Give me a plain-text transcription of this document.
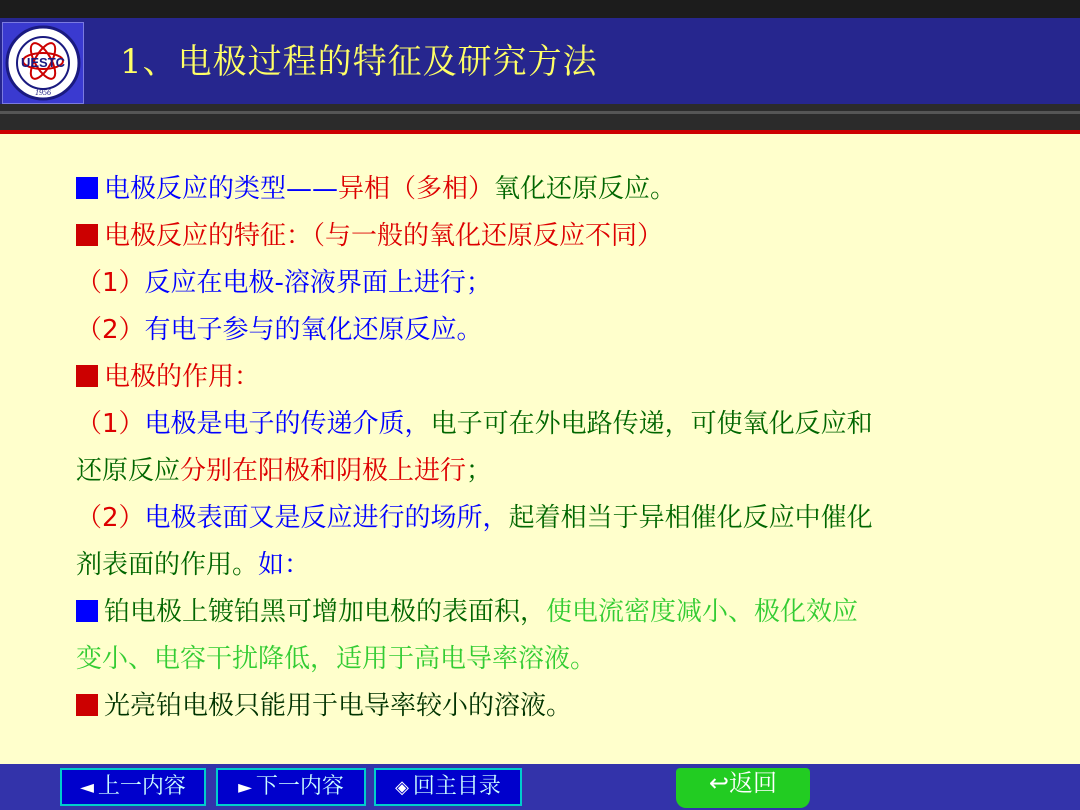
UESTC
1956
1、电极过程的特征及研究方法
电极反应的类型——异相（多相）氧化还原反应。
电极反应的特征：（与一般的氧化还原反应不同）
（1）反应在电极-溶液界面上进行；
（2）有电子参与的氧化还原反应。
电极的作用：
（1）电极是电子的传递介质，电子可在外电路传递，可使氧化反应和
还原反应分别在阳极和阴极上进行；
（2）电极表面又是反应进行的场所，起着相当于异相催化反应中催化
剂表面的作用。如：
铂电极上镀铂黑可增加电极的表面积，使电流密度减小、极化效应
变小、电容干扰降低，适用于高电导率溶液。
光亮铂电极只能用于电导率较小的溶液。
◄ 上一内容	► 下一内容	◈ 回主目录	↩返回
